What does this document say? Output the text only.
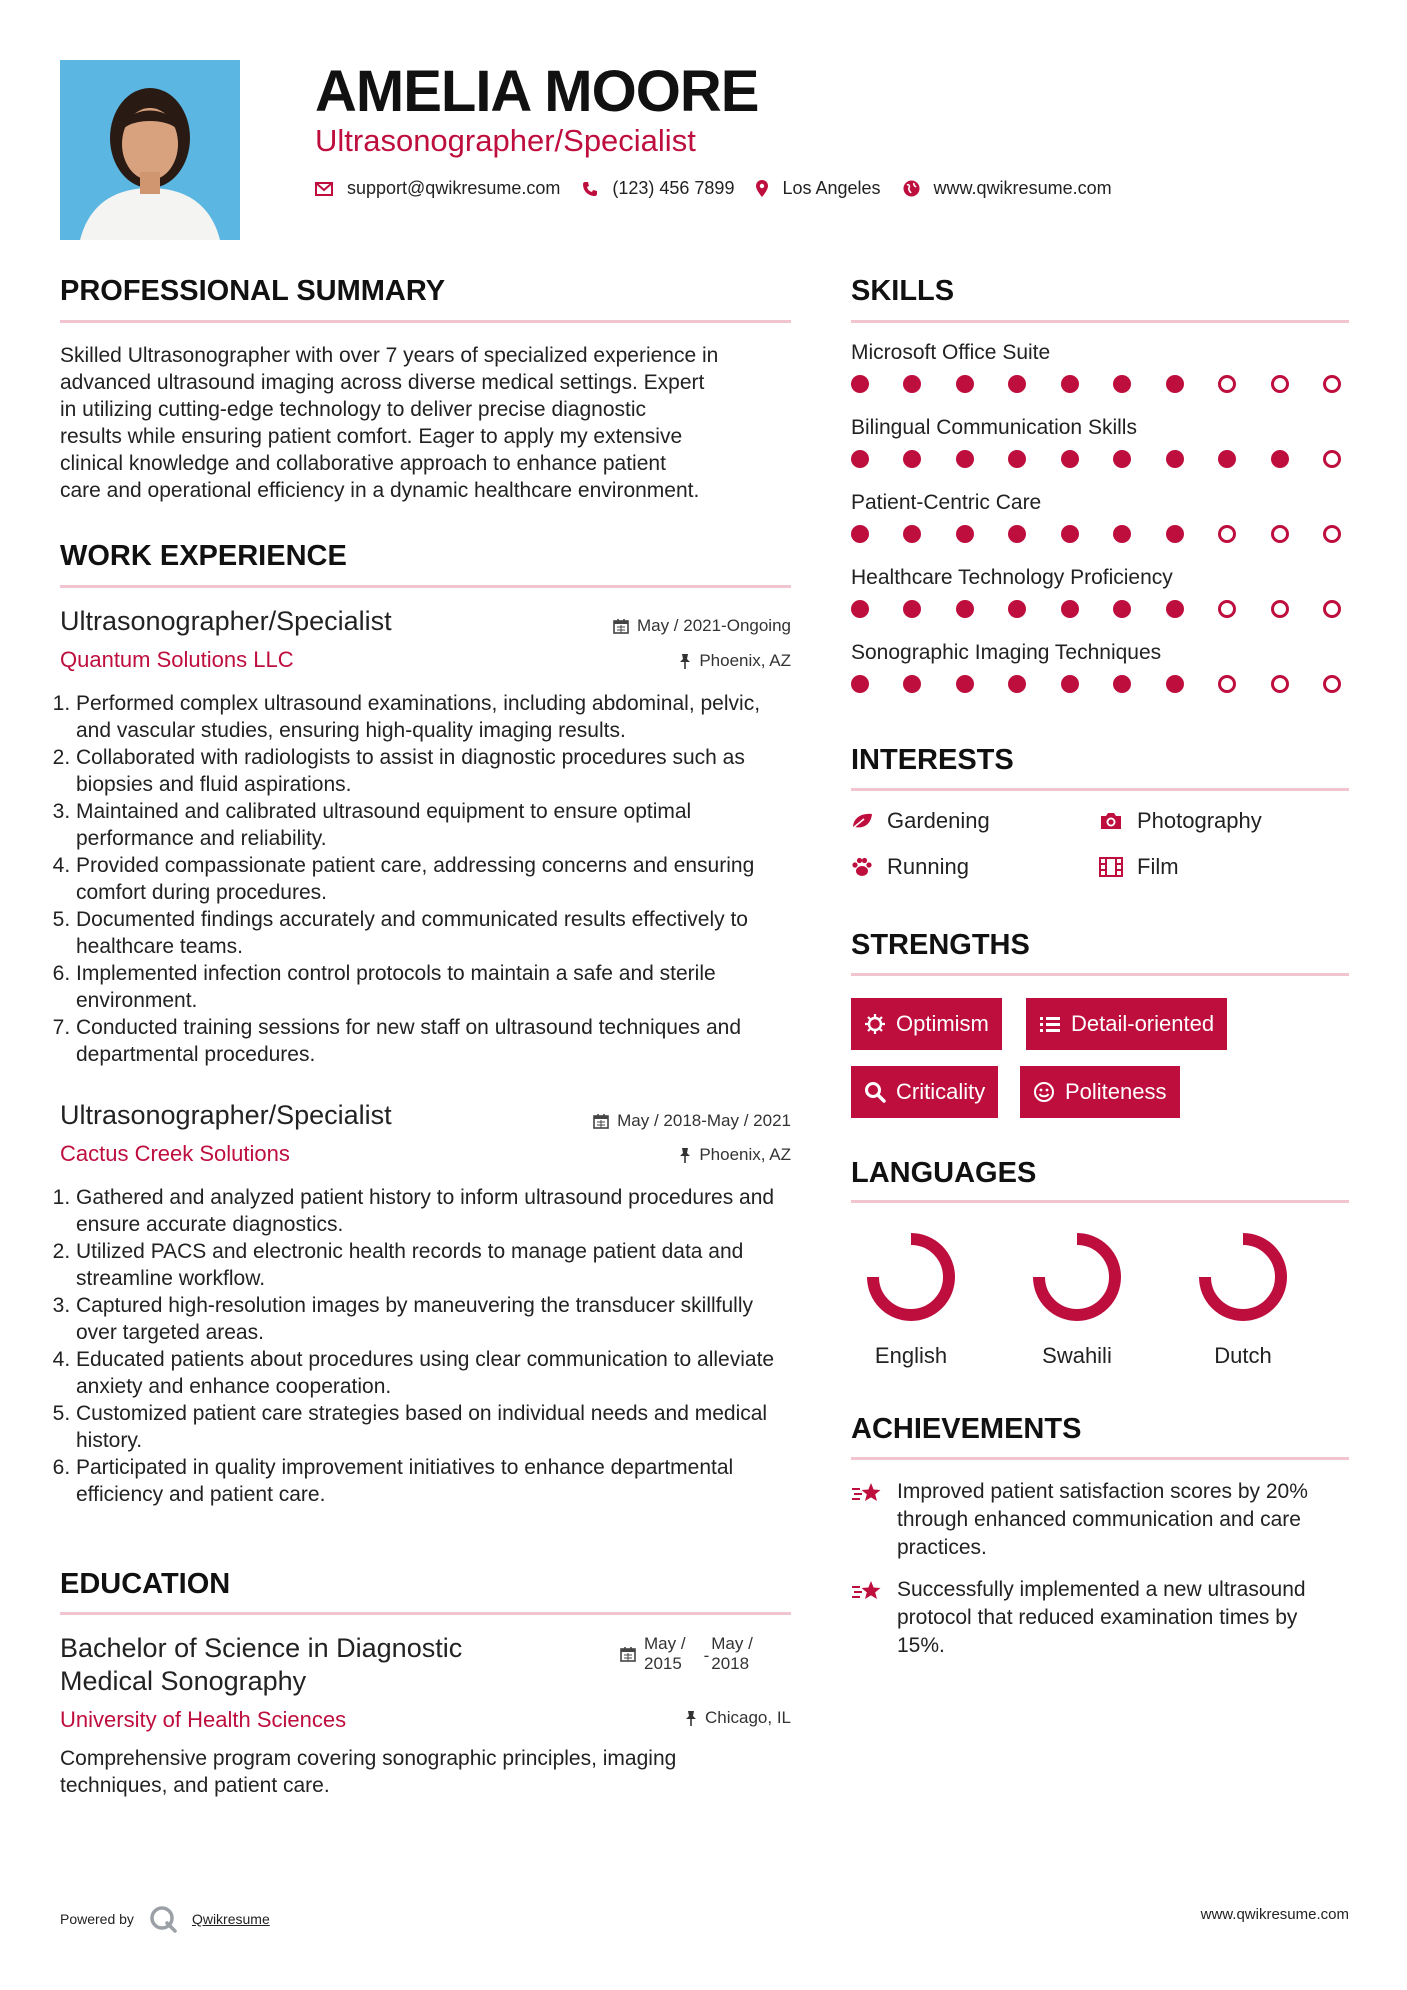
AMELIA MOORE
Ultrasonographer/Specialist
support@qwikresume.com	(123) 456 7899	Los Angeles	www.qwikresume.com
PROFESSIONAL SUMMARY
Skilled Ultrasonographer with over 7 years of specialized experience in
advanced ultrasound imaging across diverse medical settings. Expert
in utilizing cutting-edge technology to deliver precise diagnostic
results while ensuring patient comfort. Eager to apply my extensive
clinical knowledge and collaborative approach to enhance patient
care and operational efficiency in a dynamic healthcare environment.
WORK EXPERIENCE
Ultrasonographer/Specialist	May / 2021-Ongoing
Quantum Solutions LLC	Phoenix, AZ
1. Performed complex ultrasound examinations, including abdominal, pelvic, and vascular studies, ensuring high-quality imaging results.
2. Collaborated with radiologists to assist in diagnostic procedures such as biopsies and fluid aspirations.
3. Maintained and calibrated ultrasound equipment to ensure optimal performance and reliability.
4. Provided compassionate patient care, addressing concerns and ensuring comfort during procedures.
5. Documented findings accurately and communicated results effectively to healthcare teams.
6. Implemented infection control protocols to maintain a safe and sterile environment.
7. Conducted training sessions for new staff on ultrasound techniques and departmental procedures.
Ultrasonographer/Specialist	May / 2018-May / 2021
Cactus Creek Solutions	Phoenix, AZ
1. Gathered and analyzed patient history to inform ultrasound procedures and ensure accurate diagnostics.
2. Utilized PACS and electronic health records to manage patient data and streamline workflow.
3. Captured high-resolution images by maneuvering the transducer skillfully over targeted areas.
4. Educated patients about procedures using clear communication to alleviate anxiety and enhance cooperation.
5. Customized patient care strategies based on individual needs and medical history.
6. Participated in quality improvement initiatives to enhance departmental efficiency and patient care.
EDUCATION
Bachelor of Science in Diagnostic
Medical Sonography
May /
2015 -
May /
2018
University of Health Sciences	Chicago, IL
Comprehensive program covering sonographic principles, imaging techniques, and patient care.
SKILLS
Microsoft Office Suite
Bilingual Communication Skills
Patient-Centric Care
Healthcare Technology Proficiency
Sonographic Imaging Techniques
INTERESTS
Gardening	Photography
Running	Film
STRENGTHS
Optimism	Detail-oriented
Criticality	Politeness
LANGUAGES
English	Swahili	Dutch
ACHIEVEMENTS
Improved patient satisfaction scores by 20% through enhanced communication and care practices.
Successfully implemented a new ultrasound protocol that reduced examination times by 15%.
Powered by	Qwikresume	www.qwikresume.com
